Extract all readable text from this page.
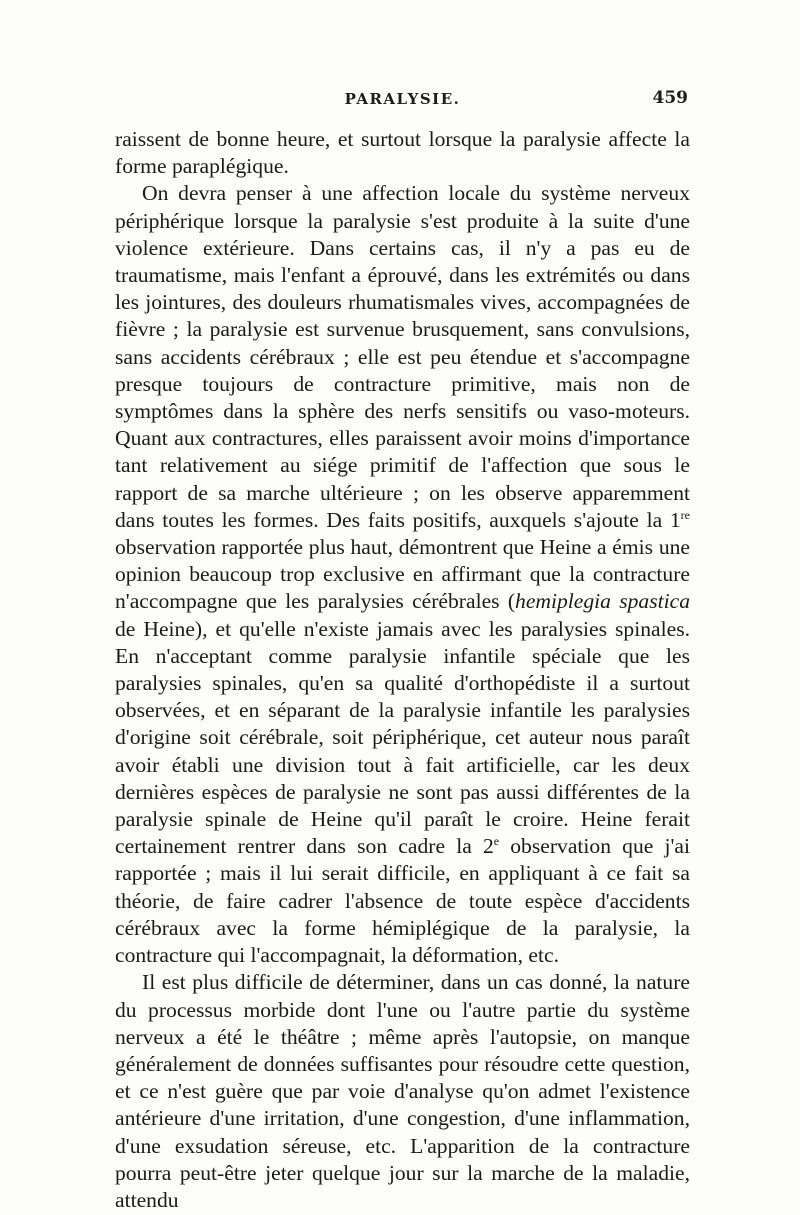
PARALYSIE.	459

raissent de bonne heure, et surtout lorsque la paralysie affecte la forme paraplégique.

On devra penser à une affection locale du système nerveux périphérique lorsque la paralysie s'est produite à la suite d'une violence extérieure. Dans certains cas, il n'y a pas eu de traumatisme, mais l'enfant a éprouvé, dans les extrémités ou dans les jointures, des douleurs rhumatismales vives, accompagnées de fièvre ; la paralysie est survenue brusquement, sans convulsions, sans accidents cérébraux ; elle est peu étendue et s'accompagne presque toujours de contracture primitive, mais non de symptômes dans la sphère des nerfs sensitifs ou vaso-moteurs. Quant aux contractures, elles paraissent avoir moins d'importance tant relativement au siége primitif de l'affection que sous le rapport de sa marche ultérieure ; on les observe apparemment dans toutes les formes. Des faits positifs, auxquels s'ajoute la 1re observation rapportée plus haut, démontrent que Heine a émis une opinion beaucoup trop exclusive en affirmant que la contracture n'accompagne que les paralysies cérébrales (hemiplegia spastica de Heine), et qu'elle n'existe jamais avec les paralysies spinales. En n'acceptant comme paralysie infantile spéciale que les paralysies spinales, qu'en sa qualité d'orthopédiste il a surtout observées, et en séparant de la paralysie infantile les paralysies d'origine soit cérébrale, soit périphérique, cet auteur nous paraît avoir établi une division tout à fait artificielle, car les deux dernières espèces de paralysie ne sont pas aussi différentes de la paralysie spinale de Heine qu'il paraît le croire. Heine ferait certainement rentrer dans son cadre la 2e observation que j'ai rapportée ; mais il lui serait difficile, en appliquant à ce fait sa théorie, de faire cadrer l'absence de toute espèce d'accidents cérébraux avec la forme hémiplégique de la paralysie, la contracture qui l'accompagnait, la déformation, etc.

Il est plus difficile de déterminer, dans un cas donné, la nature du processus morbide dont l'une ou l'autre partie du système nerveux a été le théâtre ; même après l'autopsie, on manque généralement de données suffisantes pour résoudre cette question, et ce n'est guère que par voie d'analyse qu'on admet l'existence antérieure d'une irritation, d'une congestion, d'une inflammation, d'une exsudation séreuse, etc. L'apparition de la contracture pourra peut-être jeter quelque jour sur la marche de la maladie, attendu
